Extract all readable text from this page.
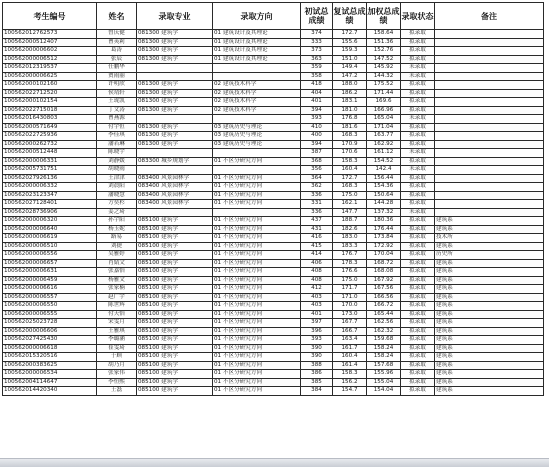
考生编号	姓名	录取专业	录取方向	初试总成绩	复试总成绩	加权总成绩	录取状态	备注

100562012762573	曾庆健	081300 建筑学	01 建筑设计及其理论	374	172.7	158.64	拟录取	
100562000512407	曹英莉	081300 建筑学	01 建筑设计及其理论	333	155.6	151.36	拟录取	
100562000006602	葛涛	081300 建筑学	01 建筑设计及其理论	373	159.3	152.76	拟录取	
100562000006512	张辰	081300 建筑学	01 建筑设计及其理论	363	151.0	147.52	拟录取	
100562012319537	任鹏华			359	149.4	145.92	未录取	
100562000006625	贾雨丽			358	147.2	144.32	未录取	
100562000102160	许明欣	081300 建筑学	02 建筑技术科学	418	188.0	175.52	拟录取	
100562022712520	侯靖轩	081300 建筑学	02 建筑技术科学	404	186.2	171.44	拟录取	
100562000102154	王珑凯	081300 建筑学	02 建筑技术科学	401	183.1	169.6	拟录取	
100562022715018	丁文涛	081300 建筑学	02 建筑技术科学	394	181.0	166.96	拟录取	
100562016430803	曹燕源			393	176.8	165.04	未录取	
100562000571649	付宇恒	081300 建筑学	03 建筑历史与理论	410	181.6	171.04	拟录取	
100562022725936	李佳琪	081300 建筑学	03 建筑历史与理论	400	168.3	163.77	拟录取	
100562000262732	潘若琳	081300 建筑学	03 建筑历史与理论	394	170.9	162.92	拟录取	
100562000512448	陈晓宇			387	170.6	161.12	未录取	
100562000006331	刘静媛	083300 城乡规划学	01 不区分研究方向	368	158.3	154.52	拟录取	
100562005731751	胡晓雨			356	160.4	142.4	未录取	
100562027926136	王津津	083400 风景园林学	01 不区分研究方向	364	172.7	156.44	拟录取	
100562000006332	刘晨阳	083400 风景园林学	01 不区分研究方向	362	168.3	154.36	拟录取	
100562023123347	潘晓慧	083400 风景园林学	01 不区分研究方向	336	175.0	150.64	拟录取	
100562027128401	方奕杉	083400 风景园林学	01 不区分研究方向	331	162.1	144.28	拟录取	
100562028736906	姜之琦			336	147.7	137.32	未录取	
100562000006320	孙宇阳	085100 建筑学	01 不区分研究方向	437	188.7	180.36	拟录取	建筑系
100562000006640	杨玉妮	085100 建筑学	01 不区分研究方向	431	182.6	176.44	拟录取	建筑系
100562000006619	路易	085100 建筑学	01 不区分研究方向	416	183.0	173.84	拟录取	技术所
100562000006510	刘捷	085100 建筑学	01 不区分研究方向	415	183.3	172.92	拟录取	建筑系
100562000006556	吴雅婷	085100 建筑学	01 不区分研究方向	414	176.7	170.04	拟录取	历史所
100562000006657	肖婧文	085100 建筑学	01 不区分研究方向	406	178.3	168.72	拟录取	建筑系
100562000006631	张嘉怡	085100 建筑学	01 不区分研究方向	408	176.6	168.08	拟录取	建筑系
100562000006459	杨雅文	085100 建筑学	01 不区分研究方向	408	175.0	167.92	拟录取	建筑系
100562000006616	张家楠	085100 建筑学	01 不区分研究方向	412	171.7	167.56	拟录取	建筑系
100562000006557	赵广宇	085100 建筑学	01 不区分研究方向	403	171.0	166.56	拟录取	建筑系
100562000006550	陈世辉	085100 建筑学	01 不区分研究方向	403	170.0	166.72	拟录取	建筑系
100562000006555	付天怡	085100 建筑学	01 不区分研究方向	401	173.0	165.44	拟录取	建筑系
100562025023728	宋雯月	085100 建筑学	01 不区分研究方向	397	167.7	162.56	拟录取	建筑系
100562000006606	王雅琪	085100 建筑学	01 不区分研究方向	396	166.7	162.32	拟录取	建筑系
100562027425430	李璐涵	085100 建筑学	01 不区分研究方向	393	163.4	159.68	拟录取	建筑系
100562000006618	崔雯琦	085100 建筑学	01 不区分研究方向	390	161.7	158.24	拟录取	建筑系
100562015320516	于顾	085100 建筑学	01 不区分研究方向	390	160.4	158.24	拟录取	建筑系
100562000383625	胡乃月	085100 建筑学	01 不区分研究方向	388	161.4	157.68	拟录取	建筑系
100562000006534	张家伟	085100 建筑学	01 不区分研究方向	386	158.3	155.96	拟录取	建筑系
100562004114647	李恒熙	085100 建筑学	01 不区分研究方向	385	156.2	155.04	拟录取	建筑系
100562014420340	王磊	085100 建筑学	01 不区分研究方向	384	154.7	154.04	拟录取	建筑系
